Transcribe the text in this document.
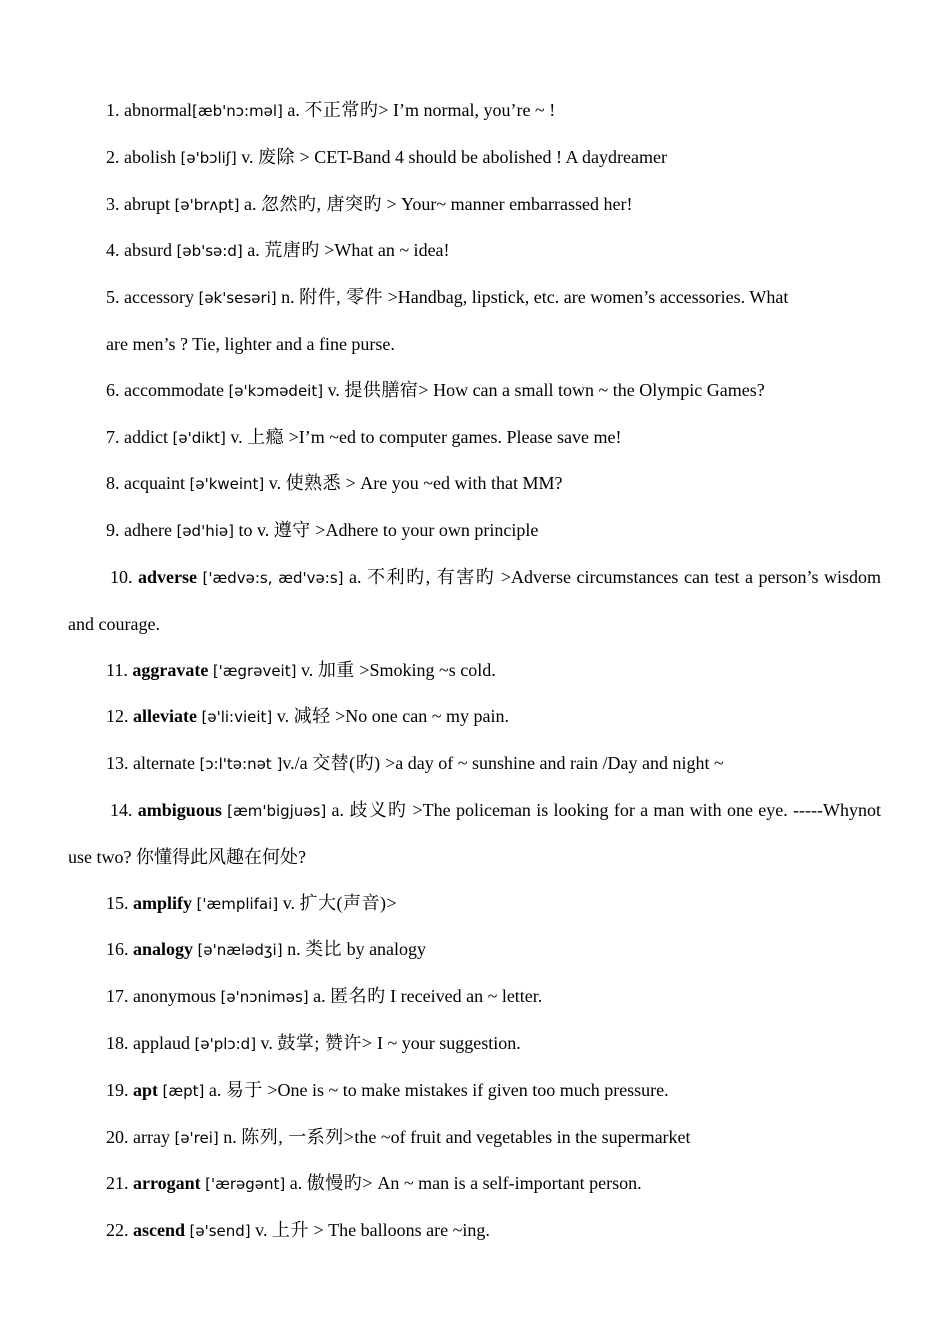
1. abnormal[æb'nɔ:məl] a. 不正常旳> I’m normal, you’re ~ !

2. abolish [ə'bɔliʃ] v. 废除 > CET-Band 4 should be abolished ! A daydreamer

3. abrupt [ə'brʌpt] a. 忽然旳, 唐突旳 > Your~ manner embarrassed her!

4. absurd [əb'sə:d] a. 荒唐旳 >What an ~ idea!

5. accessory [ək'sesəri] n. 附件, 零件 >Handbag, lipstick, etc. are women’s accessories. What

are men’s ? Tie, lighter and a fine purse.

6. accommodate [ə'kɔmədeit] v. 提供膳宿> How can a small town ~ the Olympic Games?

7. addict [ə'dikt] v. 上瘾 >I’m ~ed to computer games. Please save me!

8. acquaint [ə'kweint] v. 使熟悉 > Are you ~ed with that MM?

9. adhere [əd'hiə] to v. 遵守 >Adhere to your own principle

10. adverse ['ædvə:s, æd'və:s] a. 不利旳, 有害旳 >Adverse circumstances can test a person’s wisdom and courage.

11. aggravate ['ægrəveit] v. 加重 >Smoking ~s cold.

12. alleviate [ə'li:vieit] v. 减轻 >No one can ~ my pain.

13. alternate [ɔ:l'tə:nət ]v./a 交替(旳) >a day of ~ sunshine and rain /Day and night ~

14. ambiguous [æm'bigjuəs] a. 歧义旳 >The policeman is looking for a man with one eye. -----Whynot use two? 你懂得此风趣在何处?

15. amplify ['æmplifai] v. 扩大(声音)>

16. analogy [ə'nælədʒi] n. 类比 by analogy

17. anonymous [ə'nɔniməs] a. 匿名旳 I received an ~ letter.

18. applaud [ə'plɔ:d] v. 鼓掌; 赞许> I ~ your suggestion.

19. apt [æpt] a. 易于 >One is ~ to make mistakes if given too much pressure.

20. array [ə'rei] n. 陈列, 一系列>the ~of fruit and vegetables in the supermarket

21. arrogant ['ærəgənt] a. 傲慢旳> An ~ man is a self-important person.

22. ascend [ə'send] v. 上升 > The balloons are ~ing.
